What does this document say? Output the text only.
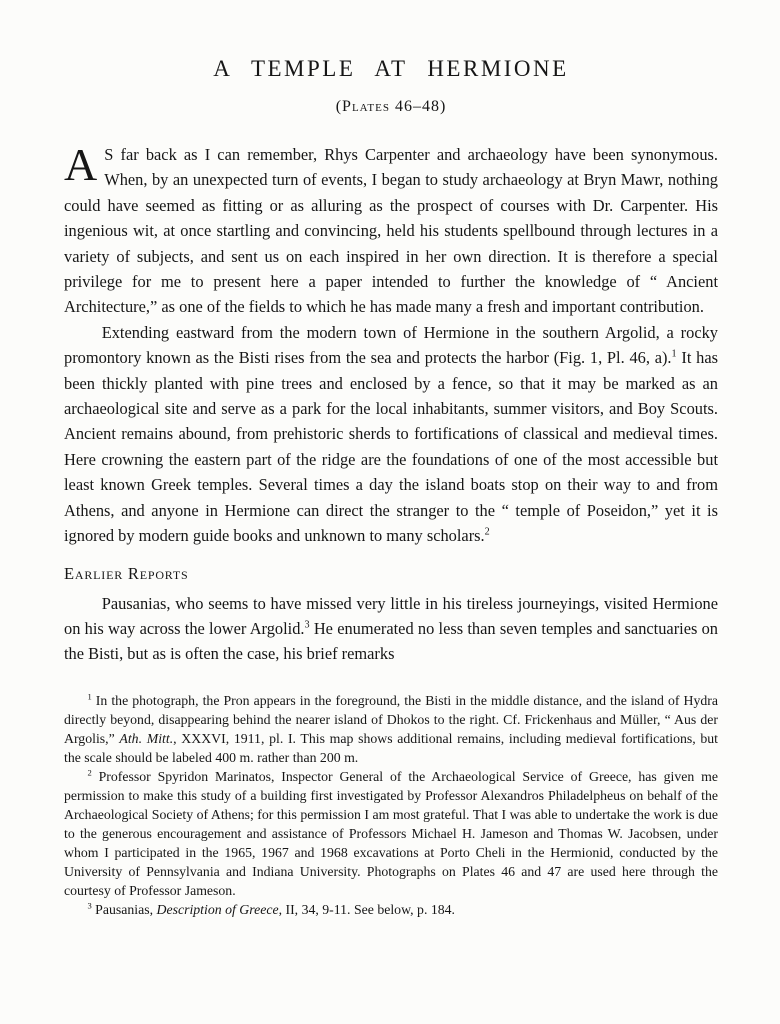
A TEMPLE AT HERMIONE
(Plates 46–48)

A S far back as I can remember, Rhys Carpenter and archaeology have been synonymous. When, by an unexpected turn of events, I began to study archaeology at Bryn Mawr, nothing could have seemed as fitting or as alluring as the prospect of courses with Dr. Carpenter. His ingenious wit, at once startling and convincing, held his students spellbound through lectures in a variety of subjects, and sent us on each inspired in her own direction. It is therefore a special privilege for me to present here a paper intended to further the knowledge of “ Ancient Architecture,” as one of the fields to which he has made many a fresh and important contribution.

Extending eastward from the modern town of Hermione in the southern Argolid, a rocky promontory known as the Bisti rises from the sea and protects the harbor (Fig. 1, Pl. 46, a).$^1$ It has been thickly planted with pine trees and enclosed by a fence, so that it may be marked as an archaeological site and serve as a park for the local inhabitants, summer visitors, and Boy Scouts. Ancient remains abound, from prehistoric sherds to fortifications of classical and medieval times. Here crowning the eastern part of the ridge are the foundations of one of the most accessible but least known Greek temples. Several times a day the island boats stop on their way to and from Athens, and anyone in Hermione can direct the stranger to the “ temple of Poseidon,” yet it is ignored by modern guide books and unknown to many scholars.$^2$

Earlier Reports

Pausanias, who seems to have missed very little in his tireless journeyings, visited Hermione on his way across the lower Argolid.$^3$ He enumerated no less than seven temples and sanctuaries on the Bisti, but as is often the case, his brief remarks

$^1$ In the photograph, the Pron appears in the foreground, the Bisti in the middle distance, and the island of Hydra directly beyond, disappearing behind the nearer island of Dhokos to the right. Cf. Frickenhaus and Müller, “ Aus der Argolis,” Ath. Mitt., XXXVI, 1911, pl. I. This map shows additional remains, including medieval fortifications, but the scale should be labeled 400 m. rather than 200 m.

$^2$ Professor Spyridon Marinatos, Inspector General of the Archaeological Service of Greece, has given me permission to make this study of a building first investigated by Professor Alexandros Philadelpheus on behalf of the Archaeological Society of Athens; for this permission I am most grateful. That I was able to undertake the work is due to the generous encouragement and assistance of Professors Michael H. Jameson and Thomas W. Jacobsen, under whom I participated in the 1965, 1967 and 1968 excavations at Porto Cheli in the Hermionid, conducted by the University of Pennsylvania and Indiana University. Photographs on Plates 46 and 47 are used here through the courtesy of Professor Jameson.

$^3$ Pausanias, Description of Greece, II, 34, 9-11. See below, p. 184.
